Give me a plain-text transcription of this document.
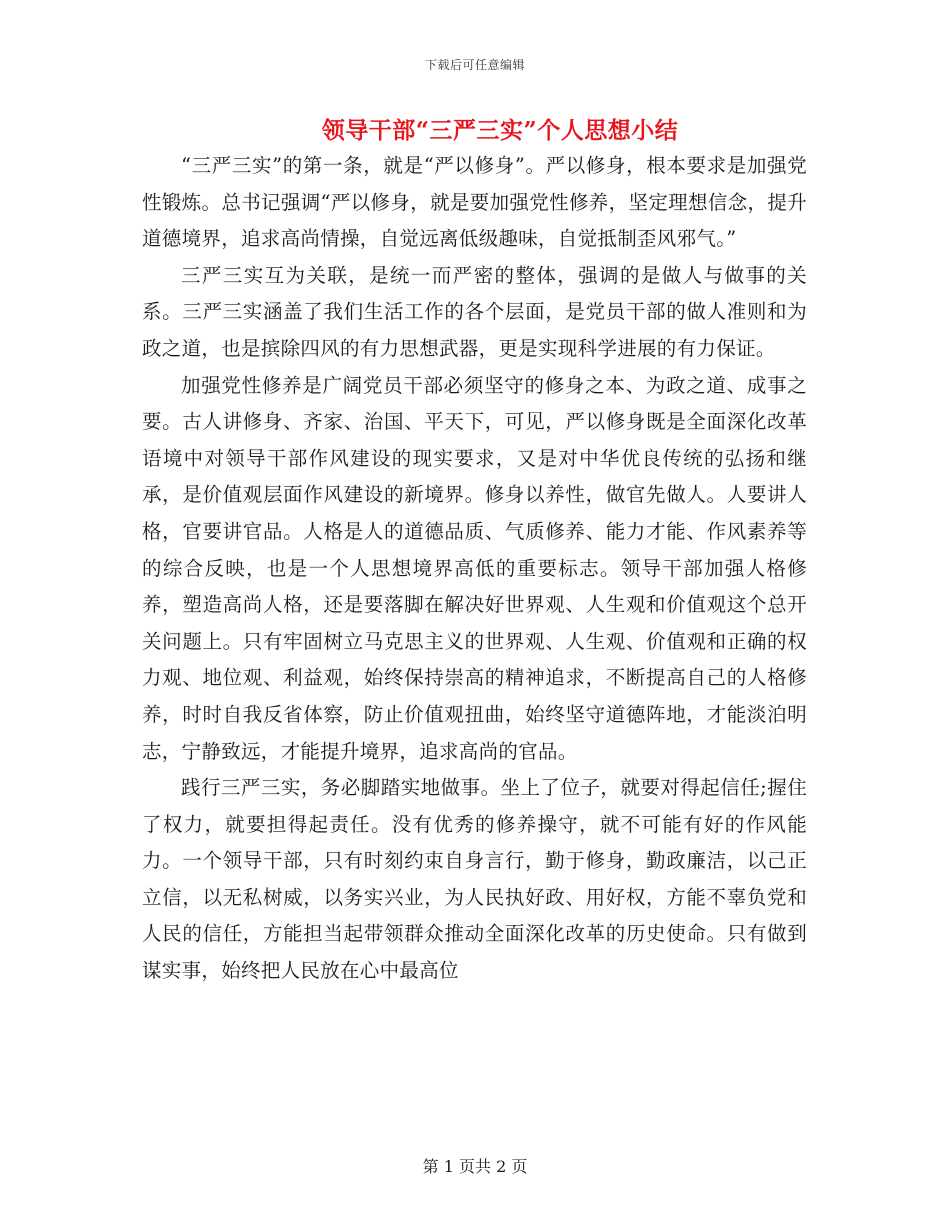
下载后可任意编辑
领导干部“三严三实”个人思想小结

“三严三实”的第一条，就是“严以修身”。严以修身，根本要求是加强党性锻炼。总书记强调“严以修身，就是要加强党性修养，坚定理想信念，提升道德境界，追求高尚情操，自觉远离低级趣味，自觉抵制歪风邪气。”

三严三实互为关联，是统一而严密的整体，强调的是做人与做事的关系。三严三实涵盖了我们生活工作的各个层面，是党员干部的做人准则和为政之道，也是摈除四风的有力思想武器，更是实现科学进展的有力保证。

加强党性修养是广阔党员干部必须坚守的修身之本、为政之道、成事之要。古人讲修身、齐家、治国、平天下，可见，严以修身既是全面深化改革语境中对领导干部作风建设的现实要求，又是对中华优良传统的弘扬和继承，是价值观层面作风建设的新境界。修身以养性，做官先做人。人要讲人格，官要讲官品。人格是人的道德品质、气质修养、能力才能、作风素养等的综合反映，也是一个人思想境界高低的重要标志。领导干部加强人格修养，塑造高尚人格，还是要落脚在解决好世界观、人生观和价值观这个总开关问题上。只有牢固树立马克思主义的世界观、人生观、价值观和正确的权力观、地位观、利益观，始终保持崇高的精神追求，不断提高自己的人格修养，时时自我反省体察，防止价值观扭曲，始终坚守道德阵地，才能淡泊明志，宁静致远，才能提升境界，追求高尚的官品。

践行三严三实，务必脚踏实地做事。坐上了位子，就要对得起信任;握住了权力，就要担得起责任。没有优秀的修养操守，就不可能有好的作风能力。一个领导干部，只有时刻约束自身言行，勤于修身，勤政廉洁，以己正立信，以无私树威，以务实兴业，为人民执好政、用好权，方能不辜负党和人民的信任，方能担当起带领群众推动全面深化改革的历史使命。只有做到谋实事，始终把人民放在心中最高位

第 1 页共 2 页
